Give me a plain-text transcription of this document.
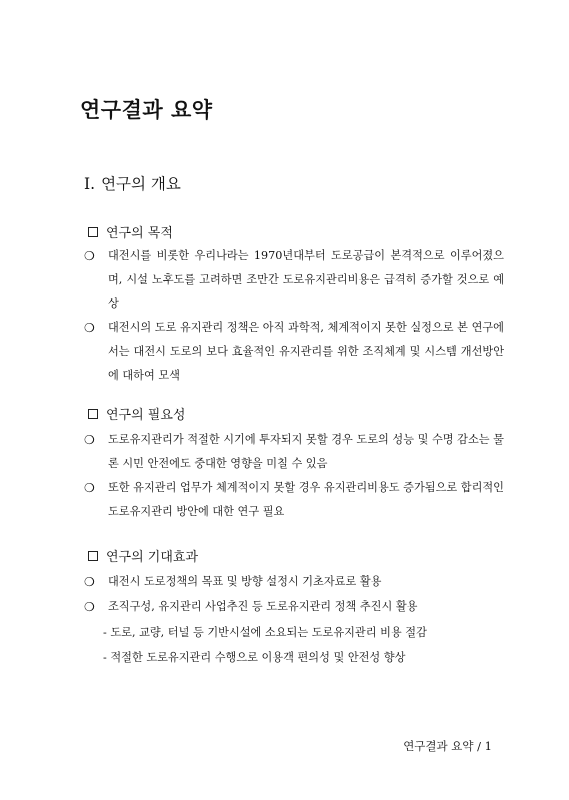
연구결과 요약
I. 연구의 개요
연구의 목적
❍ 대전시를 비롯한 우리나라는 1970년대부터 도로공급이 본격적으로 이루어졌으며, 시설 노후도를 고려하면 조만간 도로유지관리비용은 급격히 증가할 것으로 예상
❍ 대전시의 도로 유지관리 정책은 아직 과학적, 체계적이지 못한 실정으로 본 연구에서는 대전시 도로의 보다 효율적인 유지관리를 위한 조직체계 및 시스템 개선방안에 대하여 모색
연구의 필요성
❍ 도로유지관리가 적절한 시기에 투자되지 못할 경우 도로의 성능 및 수명 감소는 물론 시민 안전에도 중대한 영향을 미칠 수 있음
❍ 또한 유지관리 업무가 체계적이지 못할 경우 유지관리비용도 증가됨으로 합리적인 도로유지관리 방안에 대한 연구 필요
연구의 기대효과
❍ 대전시 도로정책의 목표 및 방향 설정시 기초자료로 활용
❍ 조직구성, 유지관리 사업추진 등 도로유지관리 정책 추진시 활용
- 도로, 교량, 터널 등 기반시설에 소요되는 도로유지관리 비용 절감
- 적절한 도로유지관리 수행으로 이용객 편의성 및 안전성 향상
연구결과 요약 / 1
